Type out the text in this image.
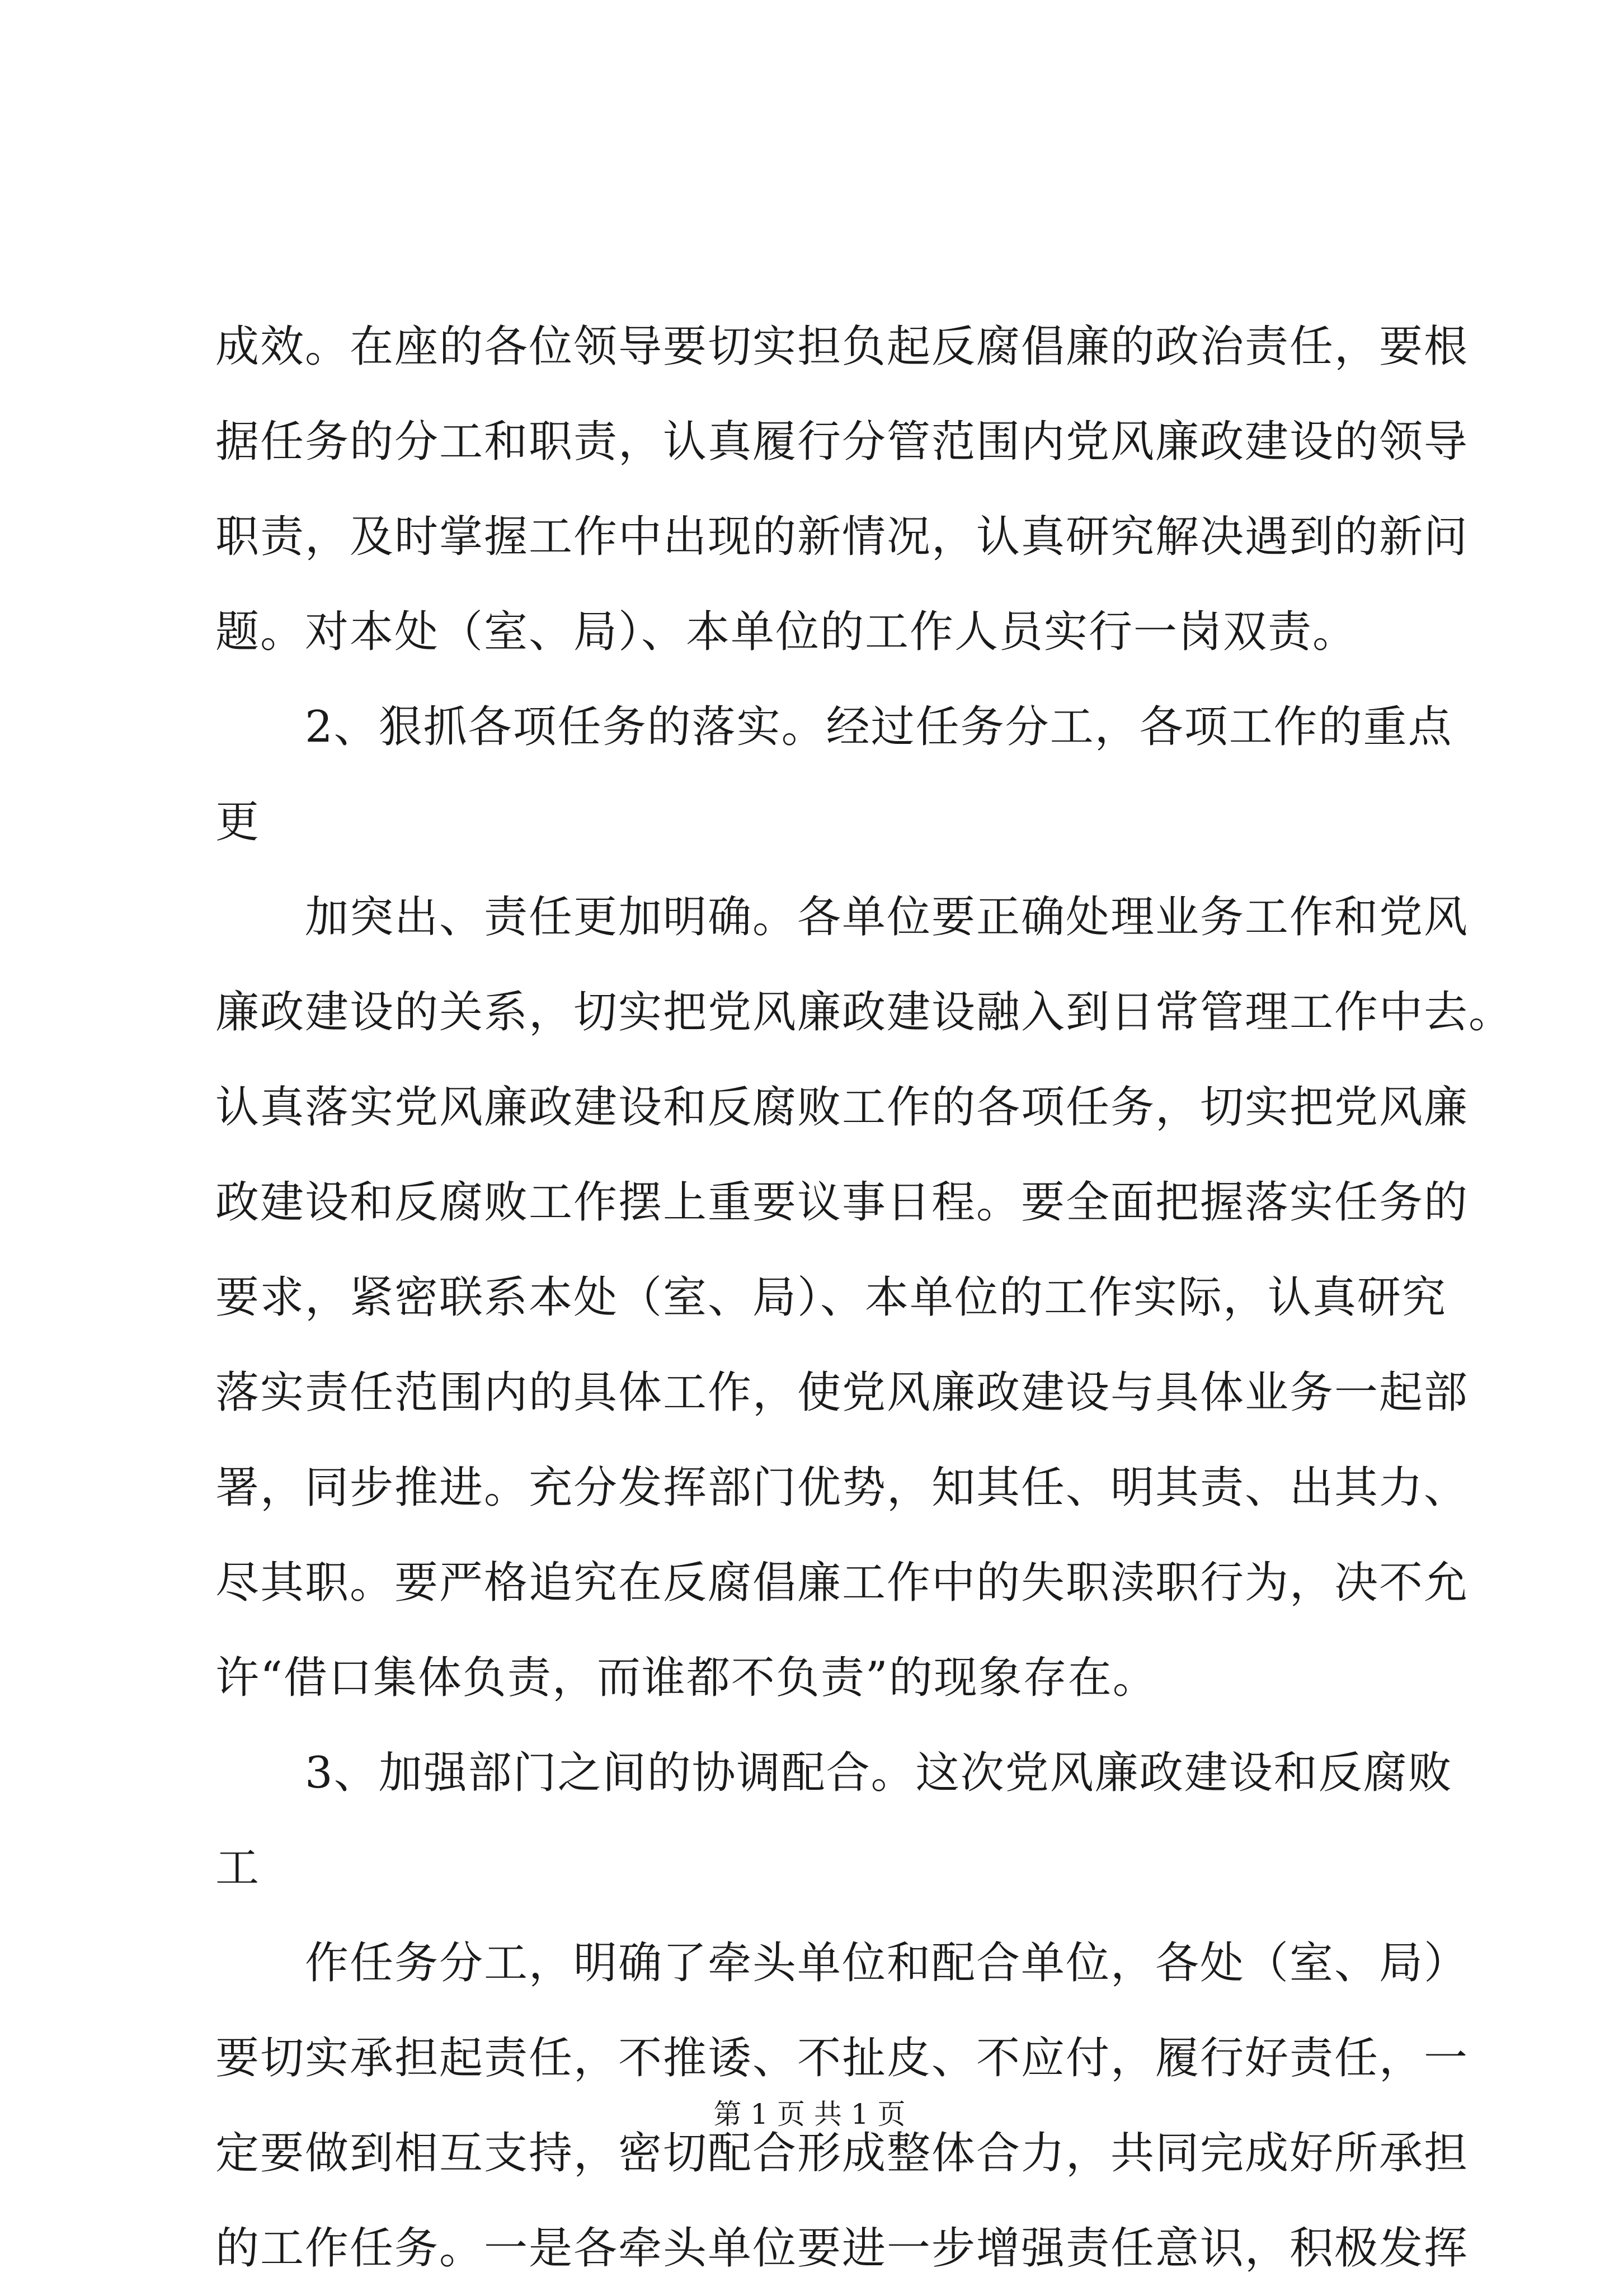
成效。在座的各位领导要切实担负起反腐倡廉的政治责任，要根
据任务的分工和职责，认真履行分管范围内党风廉政建设的领导
职责，及时掌握工作中出现的新情况，认真研究解决遇到的新问
题。对本处（室、局）、本单位的工作人员实行一岗双责。
2、狠抓各项任务的落实。经过任务分工，各项工作的重点
更
加突出、责任更加明确。各单位要正确处理业务工作和党风
廉政建设的关系，切实把党风廉政建设融入到日常管理工作中去。
认真落实党风廉政建设和反腐败工作的各项任务，切实把党风廉
政建设和反腐败工作摆上重要议事日程。要全面把握落实任务的
要求，紧密联系本处（室、局）、本单位的工作实际，认真研究
落实责任范围内的具体工作，使党风廉政建设与具体业务一起部
署，同步推进。充分发挥部门优势，知其任、明其责、出其力、
尽其职。要严格追究在反腐倡廉工作中的失职渎职行为，决不允
许“借口集体负责，而谁都不负责”的现象存在。
3、加强部门之间的协调配合。这次党风廉政建设和反腐败
工
作任务分工，明确了牵头单位和配合单位，各处（室、局）
要切实承担起责任，不推诿、不扯皮、不应付，履行好责任，一
定要做到相互支持，密切配合形成整体合力，共同完成好所承担
的工作任务。一是各牵头单位要进一步增强责任意识，积极发挥
第 1 页 共 1 页
